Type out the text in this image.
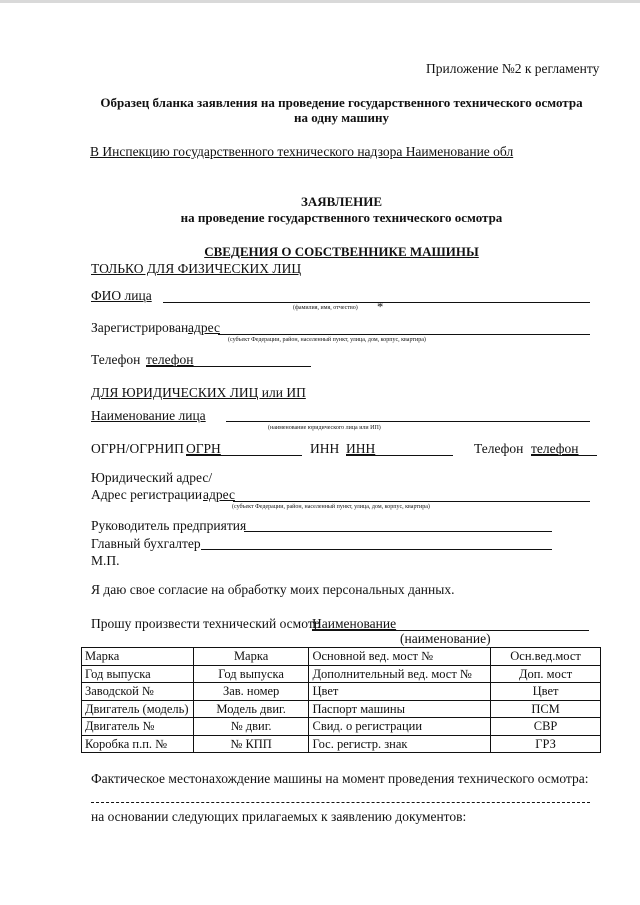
Приложение №2 к регламенту
Образец бланка заявления на проведение государственного технического осмотра
на одну машину
В Инспекцию государственного технического надзора Наименование обл
ЗАЯВЛЕНИЕ
на проведение государственного технического осмотра
СВЕДЕНИЯ О СОБСТВЕННИКЕ МАШИНЫ
ТОЛЬКО ДЛЯ ФИЗИЧЕСКИХ ЛИЦ
ФИО лица
(фамилия, имя, отчество) *
Зарегистрирован адрес
(субъект Федерации, район, населенный пункт, улица, дом, корпус, квартира)
Телефон телефон
ДЛЯ ЮРИДИЧЕСКИХ ЛИЦ или ИП
Наименование лица
(наименование юридического лица или ИП)
ОГРН/ОГРНИП ОГРН	ИНН ИНН	Телефон телефон
Юридический адрес/
Адрес регистрации адрес
(субъект Федерации, район, населенный пункт, улица, дом, корпус, квартира)
Руководитель предприятия
Главный бухгалтер
М.П.
Я даю свое согласие на обработку моих персональных данных.
Прошу произвести технический осмотр
Наименование
(наименование)
Марка	Марка	Основной вед. мост №	Осн.вед.мост
Год выпуска	Год выпуска	Дополнительный вед. мост №	Доп. мост
Заводской №	Зав. номер	Цвет	Цвет
Двигатель (модель)	Модель двиг.	Паспорт машины	ПСМ
Двигатель №	№ двиг.	Свид. о регистрации	СВР
Коробка п.п. №	№ КПП	Гос. регистр. знак	ГРЗ
Фактическое местонахождение машины на момент проведения технического осмотра:
на основании следующих прилагаемых к заявлению документов:
